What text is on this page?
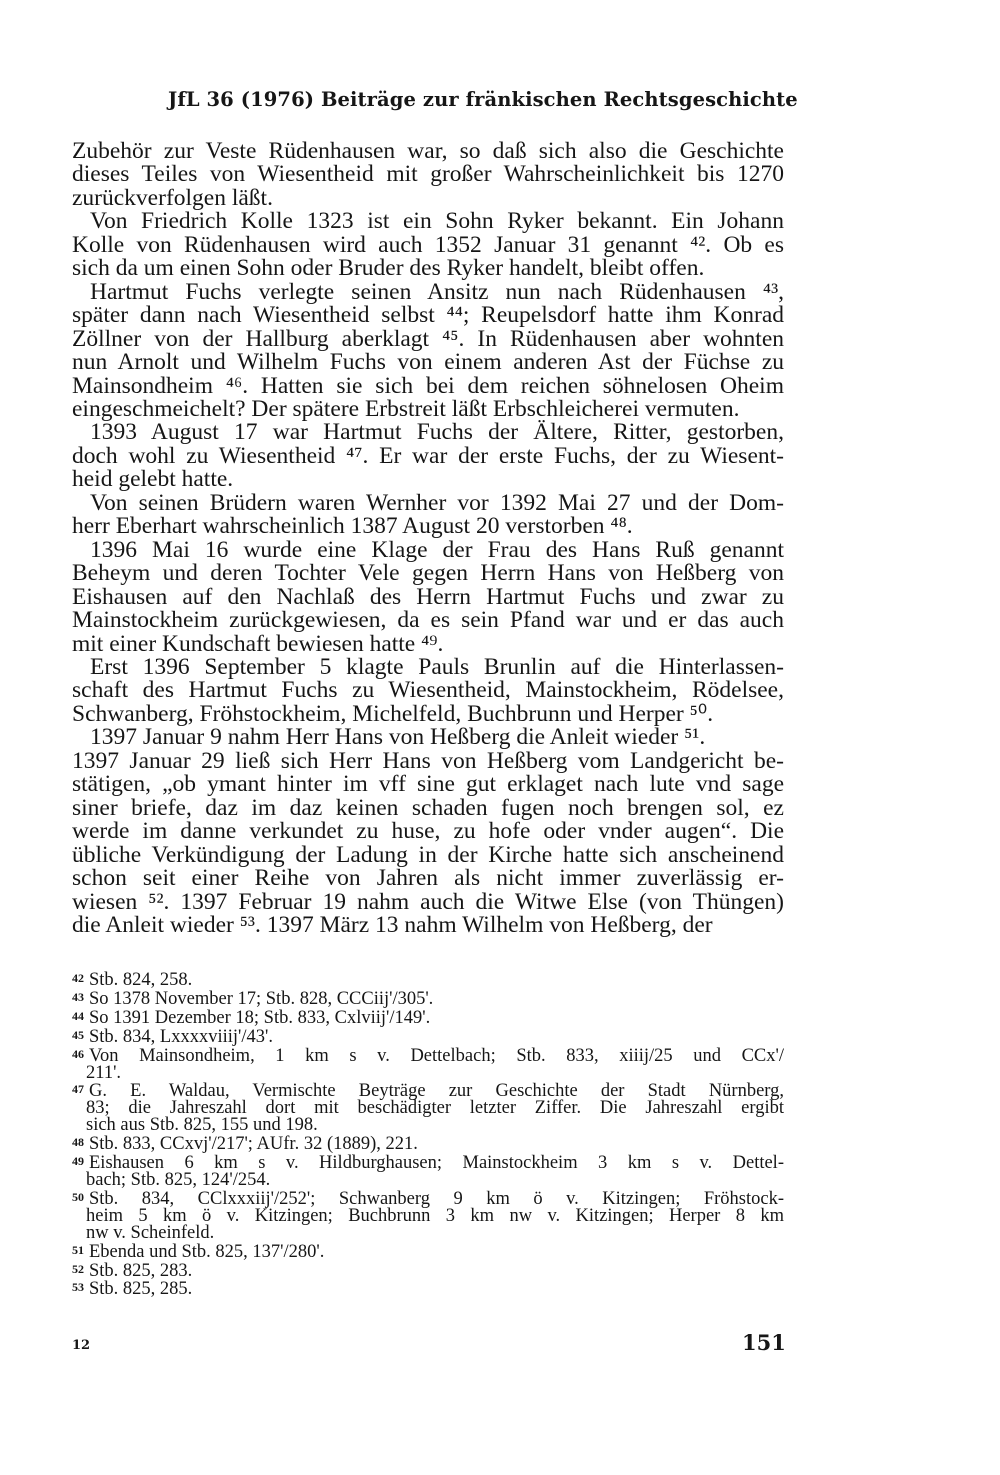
JfL 36 (1976) Beiträge zur fränkischen Rechtsgeschichte

Zubehör zur Veste Rüdenhausen war, so daß sich also die Geschichte

dieses Teiles von Wiesentheid mit großer Wahrscheinlichkeit bis 1270

zurückverfolgen läßt.

Von Friedrich Kolle 1323 ist ein Sohn Ryker bekannt. Ein Johann

Kolle von Rüdenhausen wird auch 1352 Januar 31 genannt ⁴². Ob es

sich da um einen Sohn oder Bruder des Ryker handelt, bleibt offen.

Hartmut Fuchs verlegte seinen Ansitz nun nach Rüdenhausen ⁴³,

später dann nach Wiesentheid selbst ⁴⁴; Reupelsdorf hatte ihm Konrad

Zöllner von der Hallburg aberklagt ⁴⁵. In Rüdenhausen aber wohnten

nun Arnolt und Wilhelm Fuchs von einem anderen Ast der Füchse zu

Mainsondheim ⁴⁶. Hatten sie sich bei dem reichen söhnelosen Oheim

eingeschmeichelt? Der spätere Erbstreit läßt Erbschleicherei vermuten.

1393 August 17 war Hartmut Fuchs der Ältere, Ritter, gestorben,

doch wohl zu Wiesentheid ⁴⁷. Er war der erste Fuchs, der zu Wiesent-

heid gelebt hatte.

Von seinen Brüdern waren Wernher vor 1392 Mai 27 und der Dom-

herr Eberhart wahrscheinlich 1387 August 20 verstorben ⁴⁸.

1396 Mai 16 wurde eine Klage der Frau des Hans Ruß genannt

Beheym und deren Tochter Vele gegen Herrn Hans von Heßberg von

Eishausen auf den Nachlaß des Herrn Hartmut Fuchs und zwar zu

Mainstockheim zurückgewiesen, da es sein Pfand war und er das auch

mit einer Kundschaft bewiesen hatte ⁴⁹.

Erst 1396 September 5 klagte Pauls Brunlin auf die Hinterlassen-

schaft des Hartmut Fuchs zu Wiesentheid, Mainstockheim, Rödelsee,

Schwanberg, Fröhstockheim, Michelfeld, Buchbrunn und Herper ⁵⁰.

1397 Januar 9 nahm Herr Hans von Heßberg die Anleit wieder ⁵¹.

1397 Januar 29 ließ sich Herr Hans von Heßberg vom Landgericht be-

stätigen, „ob ymant hinter im vff sine gut erklaget nach lute vnd sage

siner briefe, daz im daz keinen schaden fugen noch brengen sol, ez

werde im danne verkundet zu huse, zu hofe oder vnder augen“. Die

übliche Verkündigung der Ladung in der Kirche hatte sich anscheinend

schon seit einer Reihe von Jahren als nicht immer zuverlässig er-

wiesen ⁵². 1397 Februar 19 nahm auch die Witwe Else (von Thüngen)

die Anleit wieder ⁵³. 1397 März 13 nahm Wilhelm von Heßberg, der

42 Stb. 824, 258.
43 So 1378 November 17; Stb. 828, CCCiij'/305'.
44 So 1391 Dezember 18; Stb. 833, Cxlviij'/149'.
45 Stb. 834, Lxxxxviiij'/43'.
46 Von Mainsondheim, 1 km s v. Dettelbach; Stb. 833, xiiij/25 und CCx'/
211'.
47 G. E. Waldau, Vermischte Beyträge zur Geschichte der Stadt Nürnberg,
83; die Jahreszahl dort mit beschädigter letzter Ziffer. Die Jahreszahl ergibt
sich aus Stb. 825, 155 und 198.
48 Stb. 833, CCxvj'/217'; AUfr. 32 (1889), 221.
49 Eishausen 6 km s v. Hildburghausen; Mainstockheim 3 km s v. Dettel-
bach; Stb. 825, 124'/254.
50 Stb. 834, CClxxxiij'/252'; Schwanberg 9 km ö v. Kitzingen; Fröhstock-
heim 5 km ö v. Kitzingen; Buchbrunn 3 km nw v. Kitzingen; Herper 8 km
nw v. Scheinfeld.
51 Ebenda und Stb. 825, 137'/280'.
52 Stb. 825, 283.
53 Stb. 825, 285.
12	151
